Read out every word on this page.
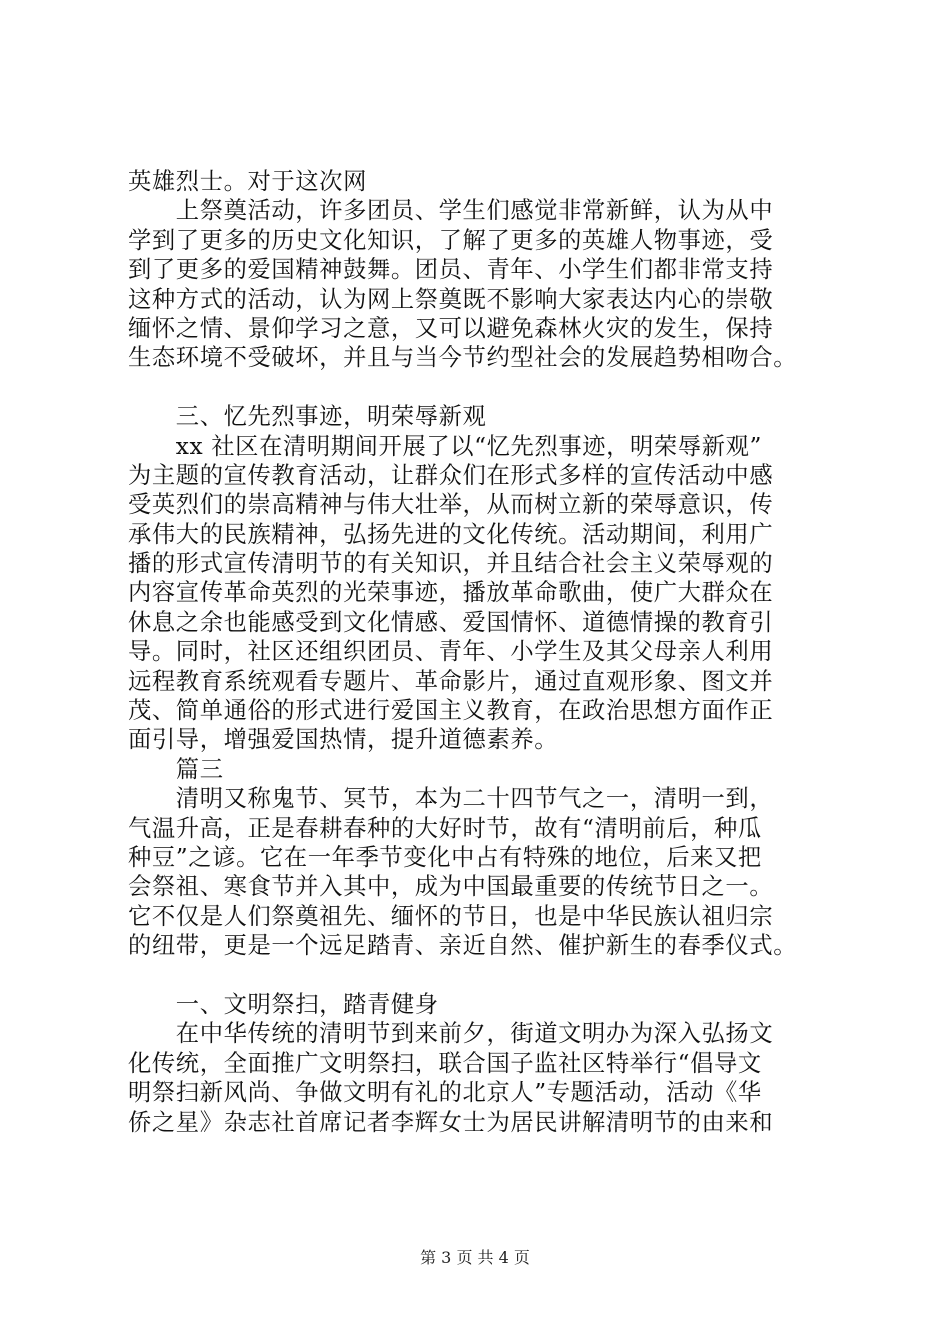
英雄烈士。对于这次网
　　上祭奠活动，许多团员、学生们感觉非常新鲜，认为从中
学到了更多的历史文化知识，了解了更多的英雄人物事迹，受
到了更多的爱国精神鼓舞。团员、青年、小学生们都非常支持
这种方式的活动，认为网上祭奠既不影响大家表达内心的崇敬
缅怀之情、景仰学习之意，又可以避免森林火灾的发生，保持
生态环境不受破坏，并且与当今节约型社会的发展趋势相吻合。
　　三、忆先烈事迹，明荣辱新观
　　xx 社区在清明期间开展了以“忆先烈事迹，明荣辱新观”
为主题的宣传教育活动，让群众们在形式多样的宣传活动中感
受英烈们的崇高精神与伟大壮举，从而树立新的荣辱意识，传
承伟大的民族精神，弘扬先进的文化传统。活动期间，利用广
播的形式宣传清明节的有关知识，并且结合社会主义荣辱观的
内容宣传革命英烈的光荣事迹，播放革命歌曲，使广大群众在
休息之余也能感受到文化情感、爱国情怀、道德情操的教育引
导。同时，社区还组织团员、青年、小学生及其父母亲人利用
远程教育系统观看专题片、革命影片，通过直观形象、图文并
茂、简单通俗的形式进行爱国主义教育，在政治思想方面作正
面引导，增强爱国热情，提升道德素养。
　　篇三
　　清明又称鬼节、冥节，本为二十四节气之一，清明一到，
气温升高，正是春耕春种的大好时节，故有“清明前后，种瓜
种豆”之谚。它在一年季节变化中占有特殊的地位，后来又把
会祭祖、寒食节并入其中，成为中国最重要的传统节日之一。
它不仅是人们祭奠祖先、缅怀的节日，也是中华民族认祖归宗
的纽带，更是一个远足踏青、亲近自然、催护新生的春季仪式。
　　一、文明祭扫，踏青健身
　　在中华传统的清明节到来前夕，街道文明办为深入弘扬文
化传统，全面推广文明祭扫，联合国子监社区特举行“倡导文
明祭扫新风尚、争做文明有礼的北京人”专题活动，活动《华
侨之星》杂志社首席记者李辉女士为居民讲解清明节的由来和
第 3 页 共 4 页
